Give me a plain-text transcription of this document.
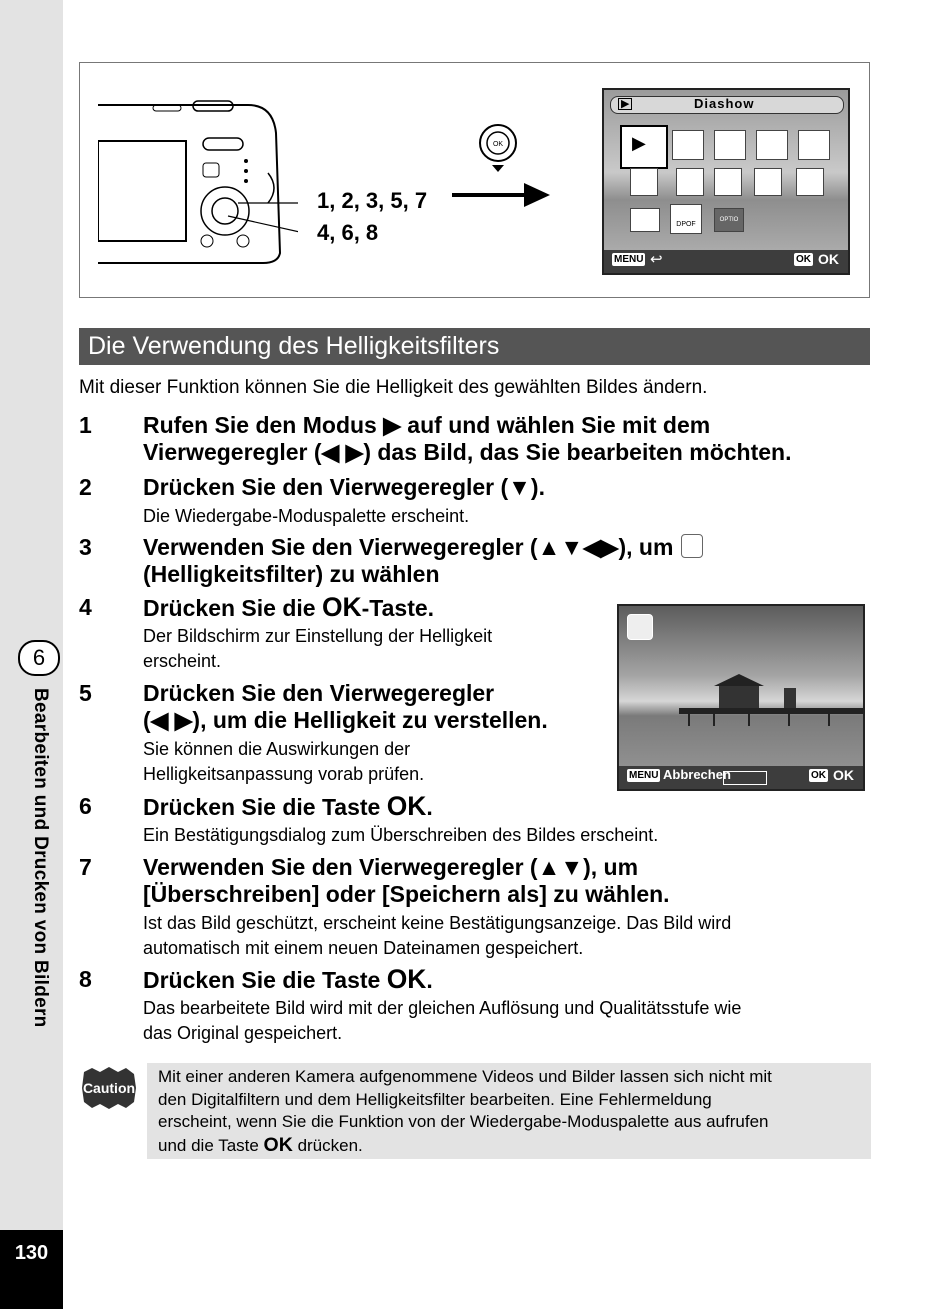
6
Bearbeiten und Drucken von Bildern
130
OK
1, 2, 3, 5, 7
4, 6, 8
▶	Diashow
▶
DPOF
OPTIO
MENU ↩	OK OK
Die Verwendung des Helligkeitsfilters
Mit dieser Funktion können Sie die Helligkeit des gewählten Bildes ändern.
1 Rufen Sie den Modus ▶ auf und wählen Sie mit dem
Vierwegeregler (◀ ▶) das Bild, das Sie bearbeiten möchten.
2 Drücken Sie den Vierwegeregler (▼).
Die Wiedergabe-Moduspalette erscheint.
3 Verwenden Sie den Vierwegeregler (▲▼◀▶), um
(Helligkeitsfilter) zu wählen
4 Drücken Sie die OK-Taste.
Der Bildschirm zur Einstellung der Helligkeit
erscheint.
5 Drücken Sie den Vierwegeregler
(◀ ▶), um die Helligkeit zu verstellen.
Sie können die Auswirkungen der
Helligkeitsanpassung vorab prüfen.
6 Drücken Sie die Taste OK.
Ein Bestätigungsdialog zum Überschreiben des Bildes erscheint.
7 Verwenden Sie den Vierwegeregler (▲▼), um
[Überschreiben] oder [Speichern als] zu wählen.
Ist das Bild geschützt, erscheint keine Bestätigungsanzeige. Das Bild wird
automatisch mit einem neuen Dateinamen gespeichert.
8 Drücken Sie die Taste OK.
Das bearbeitete Bild wird mit der gleichen Auflösung und Qualitätsstufe wie
das Original gespeichert.
MENU Abbrechen	OK OK
Caution
Mit einer anderen Kamera aufgenommene Videos und Bilder lassen sich nicht mit
den Digitalfiltern und dem Helligkeitsfilter bearbeiten. Eine Fehlermeldung
erscheint, wenn Sie die Funktion von der Wiedergabe-Moduspalette aus aufrufen
und die Taste OK drücken.
